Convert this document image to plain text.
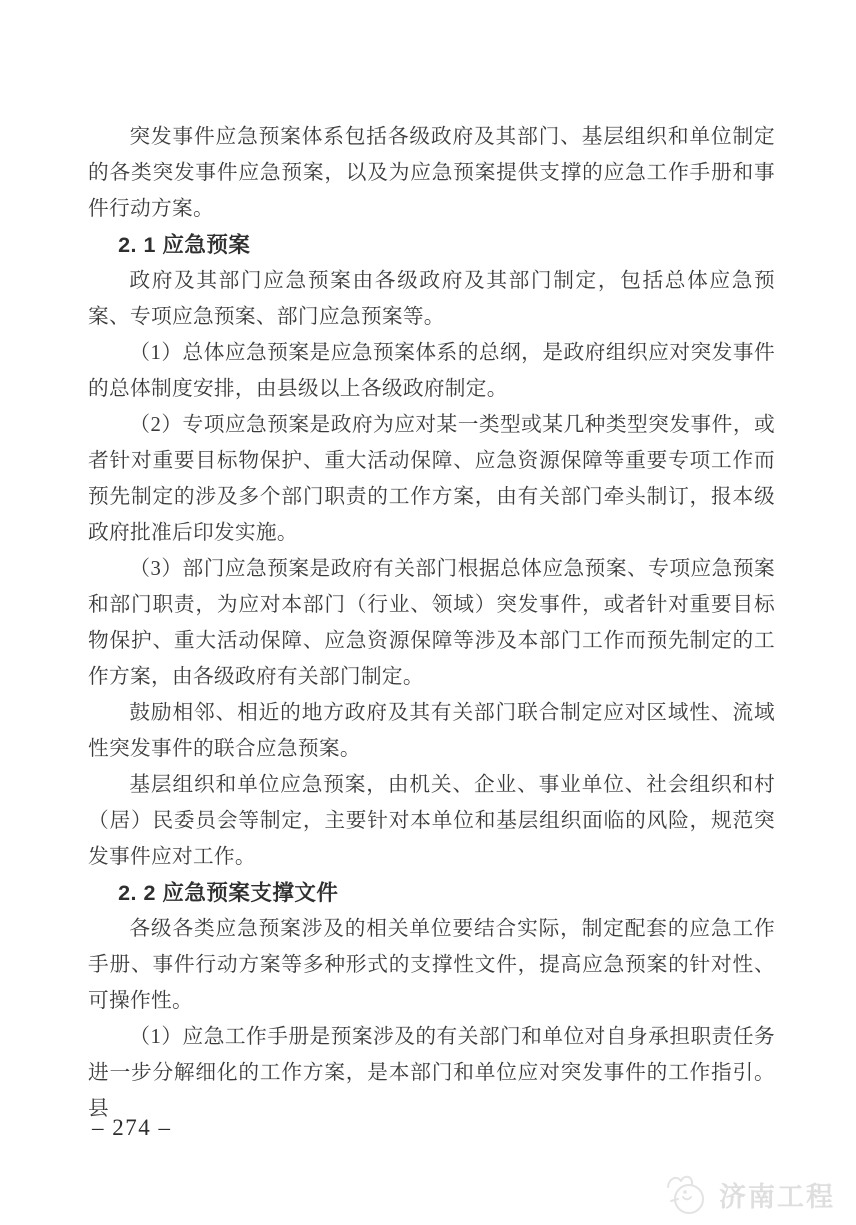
突发事件应急预案体系包括各级政府及其部门、基层组织和单位制定的各类突发事件应急预案，以及为应急预案提供支撑的应急工作手册和事件行动方案。

2. 1 应急预案

政府及其部门应急预案由各级政府及其部门制定，包括总体应急预案、专项应急预案、部门应急预案等。

（1）总体应急预案是应急预案体系的总纲，是政府组织应对突发事件的总体制度安排，由县级以上各级政府制定。

（2）专项应急预案是政府为应对某一类型或某几种类型突发事件，或者针对重要目标物保护、重大活动保障、应急资源保障等重要专项工作而预先制定的涉及多个部门职责的工作方案，由有关部门牵头制订，报本级政府批准后印发实施。

（3）部门应急预案是政府有关部门根据总体应急预案、专项应急预案和部门职责，为应对本部门（行业、领域）突发事件，或者针对重要目标物保护、重大活动保障、应急资源保障等涉及本部门工作而预先制定的工作方案，由各级政府有关部门制定。

鼓励相邻、相近的地方政府及其有关部门联合制定应对区域性、流域性突发事件的联合应急预案。

基层组织和单位应急预案，由机关、企业、事业单位、社会组织和村（居）民委员会等制定，主要针对本单位和基层组织面临的风险，规范突发事件应对工作。

2. 2 应急预案支撑文件

各级各类应急预案涉及的相关单位要结合实际，制定配套的应急工作手册、事件行动方案等多种形式的支撑性文件，提高应急预案的针对性、可操作性。

（1）应急工作手册是预案涉及的有关部门和单位对自身承担职责任务进一步分解细化的工作方案，是本部门和单位应对突发事件的工作指引。县

– 274 –
济南工程
